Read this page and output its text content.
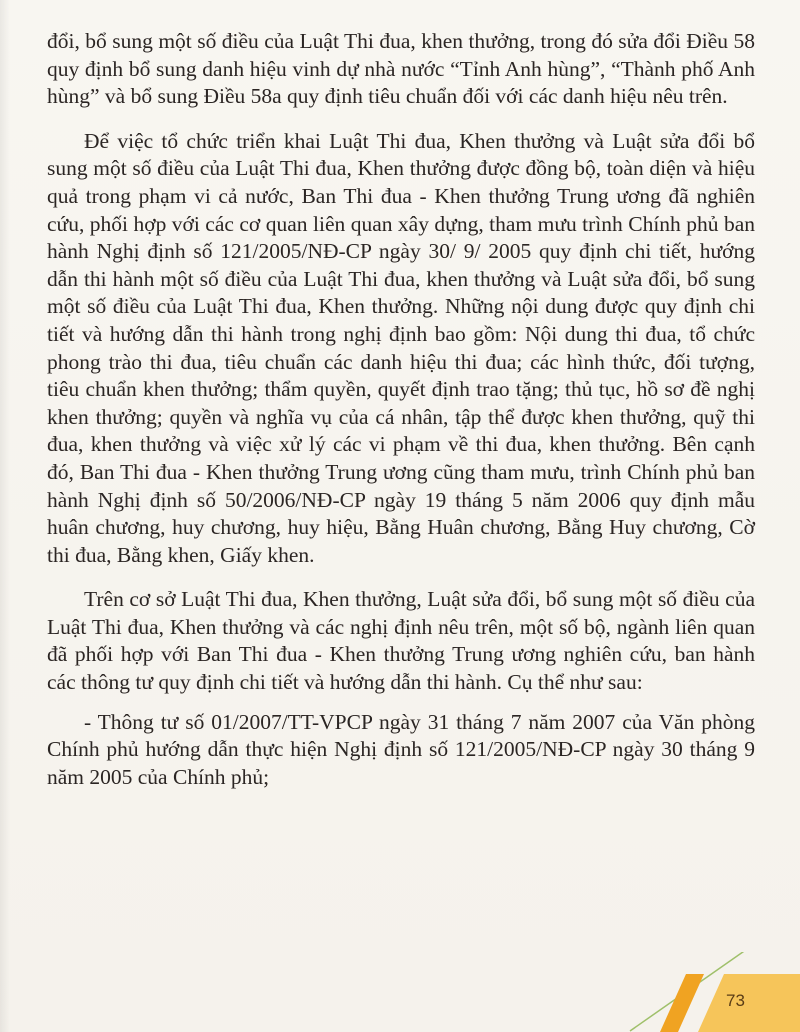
đổi, bổ sung một số điều của Luật Thi đua, khen thưởng, trong đó sửa đổi Điều 58 quy định bổ sung danh hiệu vinh dự nhà nước “Tỉnh Anh hùng”, “Thành phố Anh hùng” và bổ sung Điều 58a quy định tiêu chuẩn đối với các danh hiệu nêu trên.

Để việc tổ chức triển khai Luật Thi đua, Khen thưởng và Luật sửa đổi bổ sung một số điều của Luật Thi đua, Khen thưởng được đồng bộ, toàn diện và hiệu quả trong phạm vi cả nước, Ban Thi đua - Khen thưởng Trung ương đã nghiên cứu, phối hợp với các cơ quan liên quan xây dựng, tham mưu trình Chính phủ ban hành Nghị định số 121/2005/NĐ-CP ngày 30/ 9/ 2005 quy định chi tiết, hướng dẫn thi hành một số điều của Luật Thi đua, khen thưởng và Luật sửa đổi, bổ sung một số điều của Luật Thi đua, Khen thưởng. Những nội dung được quy định chi tiết và hướng dẫn thi hành trong nghị định bao gồm: Nội dung thi đua, tổ chức phong trào thi đua, tiêu chuẩn các danh hiệu thi đua; các hình thức, đối tượng, tiêu chuẩn khen thưởng; thẩm quyền, quyết định trao tặng; thủ tục, hồ sơ đề nghị khen thưởng; quyền và nghĩa vụ của cá nhân, tập thể được khen thưởng, quỹ thi đua, khen thưởng và việc xử lý các vi phạm về thi đua, khen thưởng. Bên cạnh đó, Ban Thi đua - Khen thưởng Trung ương cũng tham mưu, trình Chính phủ ban hành Nghị định số 50/2006/NĐ-CP ngày 19 tháng 5 năm 2006 quy định mẫu huân chương, huy chương, huy hiệu, Bằng Huân chương, Bằng Huy chương, Cờ thi đua, Bằng khen, Giấy khen.

Trên cơ sở Luật Thi đua, Khen thưởng, Luật sửa đổi, bổ sung một số điều của Luật Thi đua, Khen thưởng và các nghị định nêu trên, một số bộ, ngành liên quan đã phối hợp với Ban Thi đua - Khen thưởng Trung ương nghiên cứu, ban hành các thông tư quy định chi tiết và hướng dẫn thi hành. Cụ thể như sau:

- Thông tư số 01/2007/TT-VPCP ngày 31 tháng 7 năm 2007 của Văn phòng Chính phủ hướng dẫn thực hiện Nghị định số 121/2005/NĐ-CP ngày 30 tháng 9 năm 2005 của Chính phủ;

73
